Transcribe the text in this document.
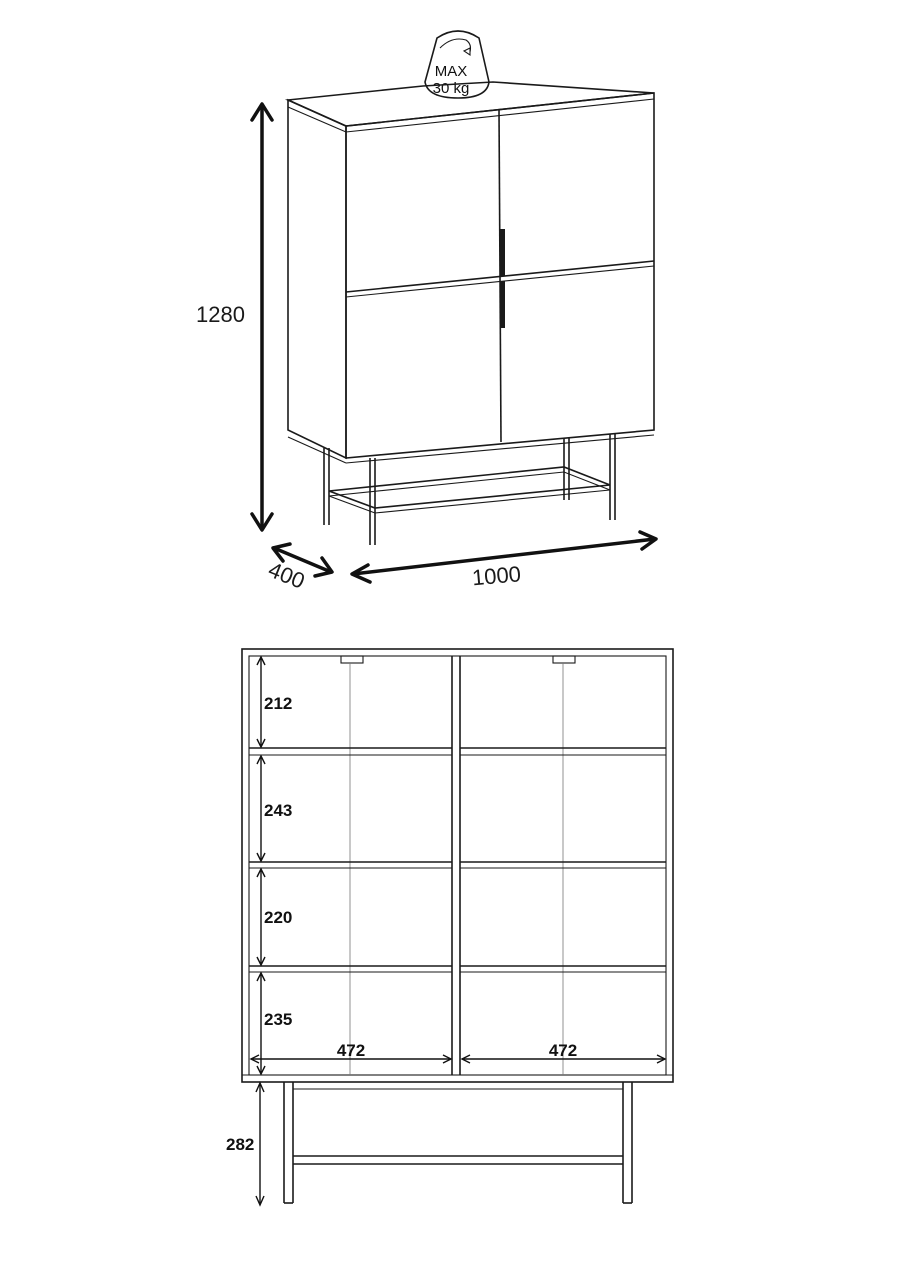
MAX
30 kg
1280
400	1000
212
243
220
235
472	472
282
